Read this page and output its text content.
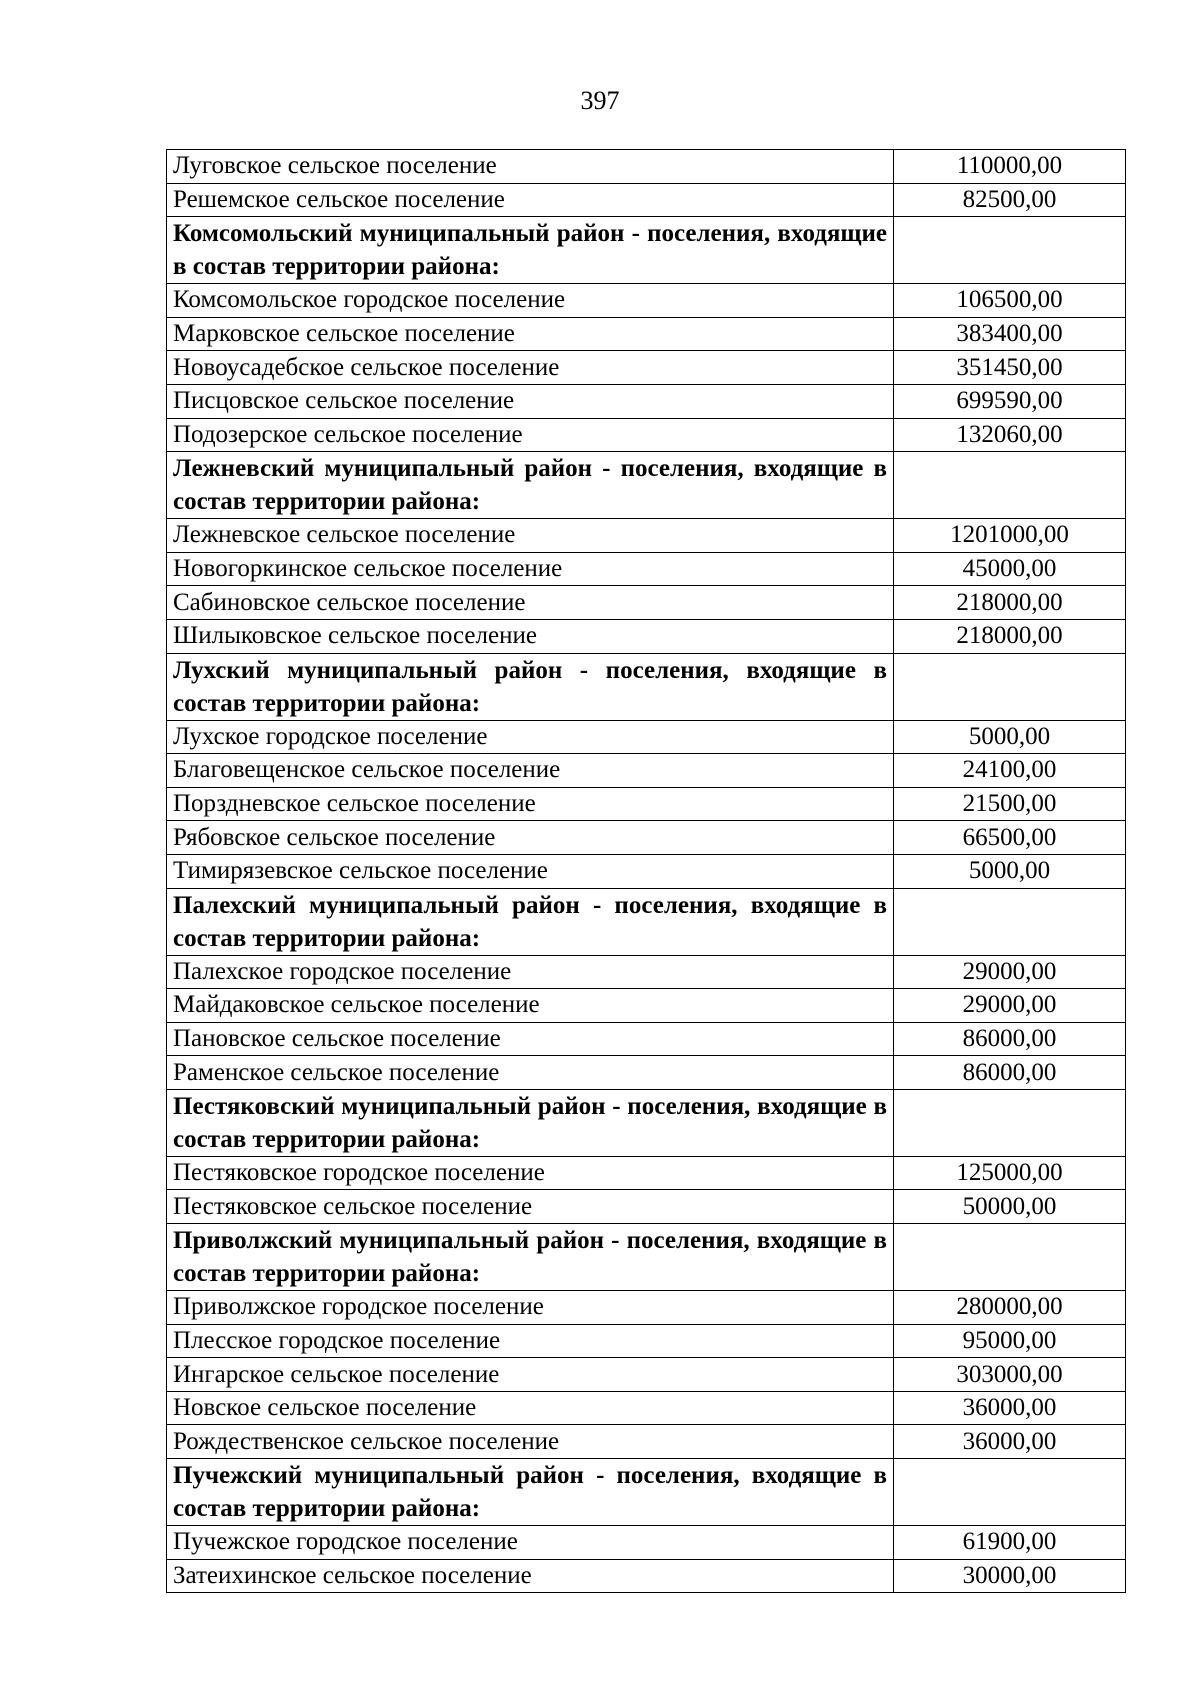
397
Луговское сельское поселение	110000,00
Решемское сельское поселение	82500,00
Комсомольский муниципальный район - поселения, входящие в состав территории района:	
Комсомольское городское поселение	106500,00
Марковское сельское поселение	383400,00
Новоусадебское сельское поселение	351450,00
Писцовское сельское поселение	699590,00
Подозерское сельское поселение	132060,00
Лежневский муниципальный район - поселения, входящие в состав территории района:	
Лежневское сельское поселение	1201000,00
Новогоркинское сельское поселение	45000,00
Сабиновское сельское поселение	218000,00
Шилыковское сельское поселение	218000,00
Лухский муниципальный район - поселения, входящие в состав территории района:	
Лухское городское поселение	5000,00
Благовещенское сельское поселение	24100,00
Порздневское сельское поселение	21500,00
Рябовское сельское поселение	66500,00
Тимирязевское сельское поселение	5000,00
Палехский муниципальный район - поселения, входящие в состав территории района:	
Палехское городское поселение	29000,00
Майдаковское сельское поселение	29000,00
Пановское сельское поселение	86000,00
Раменское сельское поселение	86000,00
Пестяковский муниципальный район - поселения, входящие в состав территории района:	
Пестяковское городское поселение	125000,00
Пестяковское сельское поселение	50000,00
Приволжский муниципальный район - поселения, входящие в состав территории района:	
Приволжское городское поселение	280000,00
Плесское городское поселение	95000,00
Ингарское сельское поселение	303000,00
Новское сельское поселение	36000,00
Рождественское сельское поселение	36000,00
Пучежский муниципальный район - поселения, входящие в состав территории района:	
Пучежское городское поселение	61900,00
Затеихинское сельское поселение	30000,00
